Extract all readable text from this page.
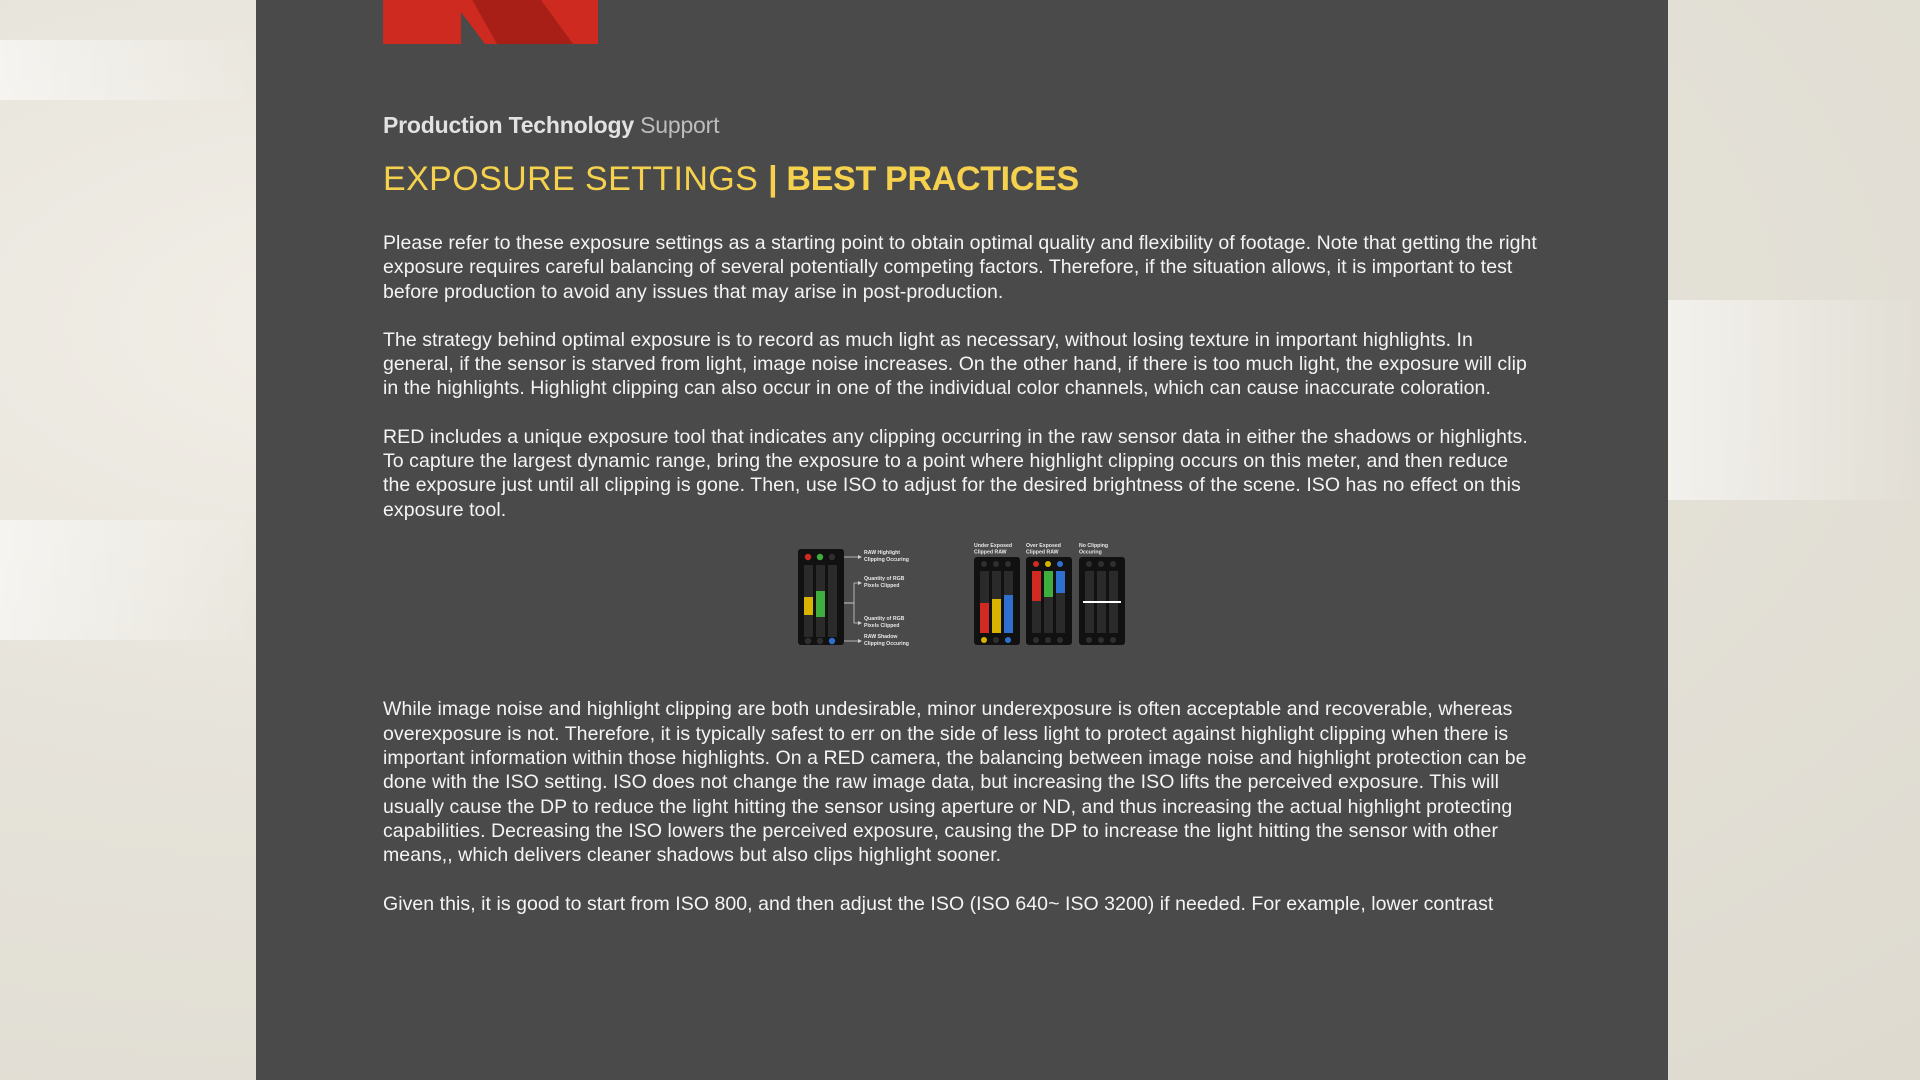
Production Technology Support
EXPOSURE SETTINGS | BEST PRACTICES

Please refer to these exposure settings as a starting point to obtain optimal quality and flexibility of footage. Note that getting the right exposure requires careful balancing of several potentially competing factors. Therefore, if the situation allows, it is important to test before production to avoid any issues that may arise in post-production.

The strategy behind optimal exposure is to record as much light as necessary, without losing texture in important highlights. In general, if the sensor is starved from light, image noise increases. On the other hand, if there is too much light, the exposure will clip in the highlights. Highlight clipping can also occur in one of the individual color channels, which can cause inaccurate coloration.

RED includes a unique exposure tool that indicates any clipping occurring in the raw sensor data in either the shadows or highlights. To capture the largest dynamic range, bring the exposure to a point where highlight clipping occurs on this meter, and then reduce the exposure just until all clipping is gone. Then, use ISO to adjust for the desired brightness of the scene. ISO has no effect on this exposure tool.

RAW Highlight
Clipping Occuring
Quantity of RGB
Pixels Clipped
Quantity of RGB
Pixels Clipped
RAW Shadow
Clipping Occuring
Under Exposed
Clipped RAW
Over Exposed
Clipped RAW
No Clipping
Occuring

While image noise and highlight clipping are both undesirable, minor underexposure is often acceptable and recoverable, whereas overexposure is not. Therefore, it is typically safest to err on the side of less light to protect against highlight clipping when there is important information within those highlights. On a RED camera, the balancing between image noise and highlight protection can be done with the ISO setting. ISO does not change the raw image data, but increasing the ISO lifts the perceived exposure. This will usually cause the DP to reduce the light hitting the sensor using aperture or ND, and thus increasing the actual highlight protecting capabilities. Decreasing the ISO lowers the perceived exposure, causing the DP to increase the light hitting the sensor with other means,, which delivers cleaner shadows but also clips highlight sooner.

Given this, it is good to start from ISO 800, and then adjust the ISO (ISO 640~ ISO 3200) if needed. For example, lower contrast
